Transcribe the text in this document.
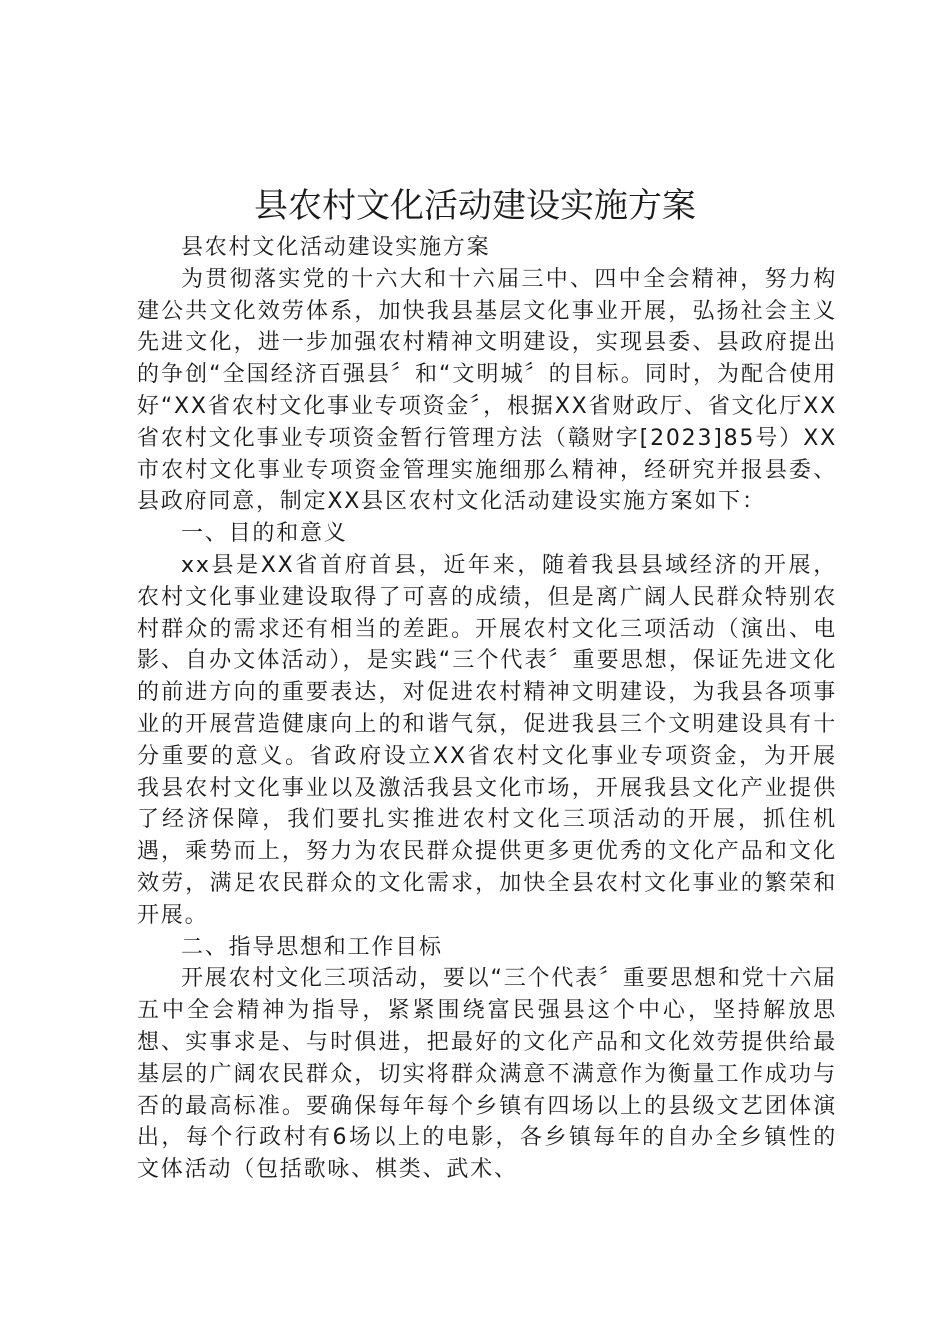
县农村文化活动建设实施方案

县农村文化活动建设实施方案

为贯彻落实党的十六大和十六届三中、四中全会精神，努力构建公共文化效劳体系，加快我县基层文化事业开展，弘扬社会主义先进文化，进一步加强农村精神文明建设，实现县委、县政府提出的争创“全国经济百强县〞和“文明城〞的目标。同时，为配合使用好“XX省农村文化事业专项资金〞，根据XX省财政厅、省文化厅XX省农村文化事业专项资金暂行管理方法（赣财字[2023]85号）XX市农村文化事业专项资金管理实施细那么精神，经研究并报县委、县政府同意，制定XX县区农村文化活动建设实施方案如下：

一、目的和意义

xx县是XX省首府首县，近年来，随着我县县域经济的开展，农村文化事业建设取得了可喜的成绩，但是离广阔人民群众特别农村群众的需求还有相当的差距。开展农村文化三项活动（演出、电影、自办文体活动），是实践“三个代表〞重要思想，保证先进文化的前进方向的重要表达，对促进农村精神文明建设，为我县各项事业的开展营造健康向上的和谐气氛，促进我县三个文明建设具有十分重要的意义。省政府设立XX省农村文化事业专项资金，为开展我县农村文化事业以及激活我县文化市场，开展我县文化产业提供了经济保障，我们要扎实推进农村文化三项活动的开展，抓住机遇，乘势而上，努力为农民群众提供更多更优秀的文化产品和文化效劳，满足农民群众的文化需求，加快全县农村文化事业的繁荣和开展。

二、指导思想和工作目标

开展农村文化三项活动，要以“三个代表〞重要思想和党十六届五中全会精神为指导，紧紧围绕富民强县这个中心，坚持解放思想、实事求是、与时俱进，把最好的文化产品和文化效劳提供给最基层的广阔农民群众，切实将群众满意不满意作为衡量工作成功与否的最高标准。要确保每年每个乡镇有四场以上的县级文艺团体演出，每个行政村有6场以上的电影，各乡镇每年的自办全乡镇性的文体活动（包括歌咏、棋类、武术、
